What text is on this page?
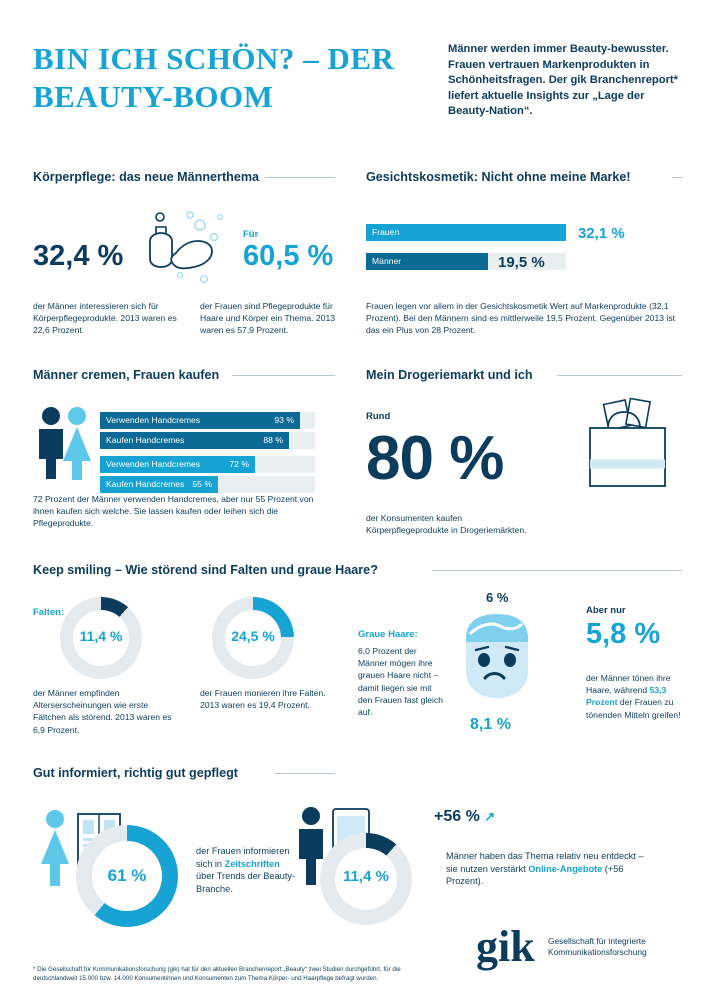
BIN ICH SCHÖN? – DER BEAUTY-BOOM
Männer werden immer Beauty-bewusster. Frauen vertrauen Markenprodukten in Schönheitsfragen. Der gik Branchenreport* liefert aktuelle Insights zur „Lage der Beauty-Nation“.
Körperpflege: das neue Männerthema
32,4 %
Für
60,5 %
der Männer interessieren sich für Körperpflegeprodukte. 2013 waren es 22,6 Prozent.
der Frauen sind Pflegeprodukte für Haare und Körper ein Thema. 2013 waren es 57,9 Prozent.
Gesichtskosmetik: Nicht ohne meine Marke!
Frauen	32,1 %
Männer	19,5 %
Frauen legen vor allem in der Gesichtskosmetik Wert auf Markenprodukte (32,1 Prozent). Bei den Männern sind es mittlerweile 19,5 Prozent. Gegenüber 2013 ist das ein Plus von 28 Prozent.
Männer cremen, Frauen kaufen
Verwenden Handcremes	93 %
Kaufen Handcremes	88 %
Verwenden Handcremes	72 %
Kaufen Handcremes 55 %
72 Prozent der Männer verwenden Handcremes, aber nur 55 Prozent von ihnen kaufen sich welche. Sie lassen kaufen oder leihen sich die Pflegeprodukte.
Mein Drogeriemarkt und ich
Rund
80 %
der Konsumenten kaufen Körperpflegeprodukte in Drogeriemärkten.
Keep smiling – Wie störend sind Falten und graue Haare?
Falten:
11,4 %	24,5 %
der Männer empfinden Alterserscheinungen wie erste Fältchen als störend. 2013 waren es 6,9 Prozent.
der Frauen monieren ihre Falten. 2013 waren es 19,4 Prozent.
Graue Haare:
6,0 Prozent der Männer mögen ihre grauen Haare nicht – damit liegen sie mit den Frauen fast gleich auf.
6 %
8,1 %
Aber nur
5,8 %
der Männer tönen ihre Haare, während 53,3 Prozent der Frauen zu tönenden Mitteln greifen!
Gut informiert, richtig gut gepflegt
61 %
der Frauen informieren sich in Zeitschriften über Trends der Beauty-Branche.
11,4 %
+56 % ↗
Männer haben das Thema relativ neu entdeckt – sie nutzen verstärkt Online-Angebote (+56 Prozent).
gik Gesellschaft für integrierte Kommunikationsforschung
* Die Gesellschaft für Kommunikationsforschung (gik) hat für den aktuellen Branchenreport „Beauty“ zwei Studien durchgeführt, für die deutschlandweit 15.000 bzw. 14.000 Konsumentinnen und Konsumenten zum Thema Körper- und Haarpflege befragt wurden.
